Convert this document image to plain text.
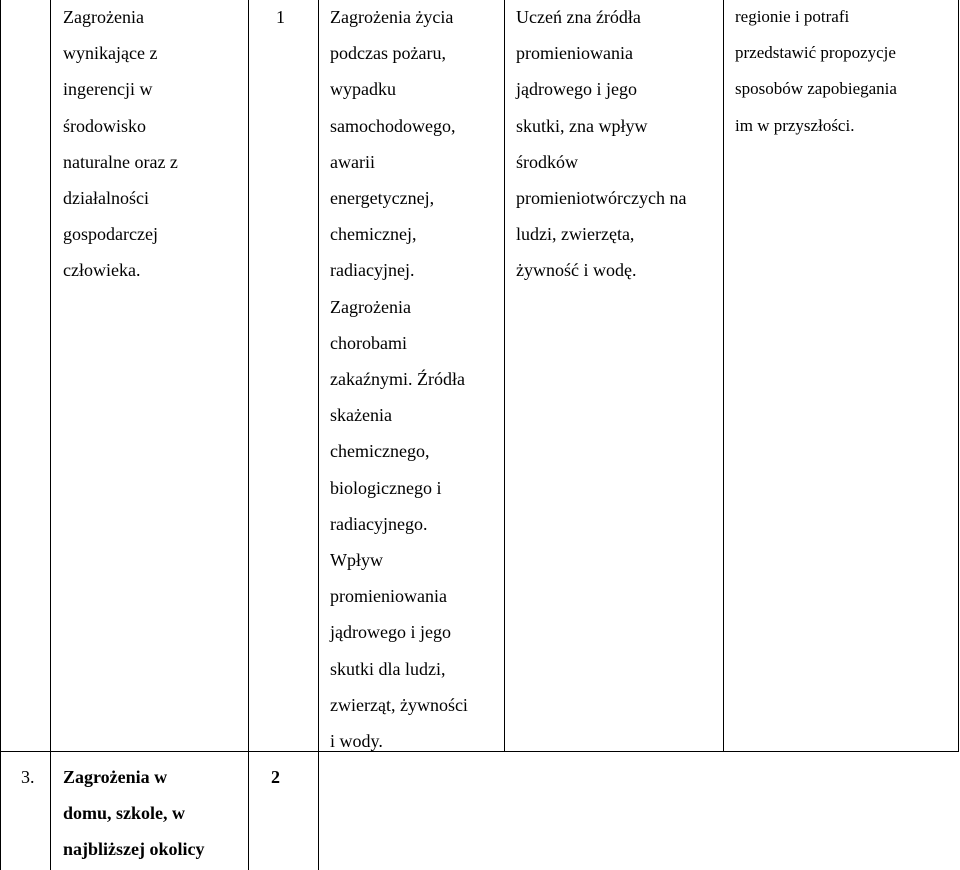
Zagrożenia
wynikające z
ingerencji w
środowisko
naturalne oraz z
działalności
gospodarczej
człowieka.
1	Zagrożenia życia
podczas pożaru,
wypadku
samochodowego,
awarii
energetycznej,
chemicznej,
radiacyjnej.
Zagrożenia
chorobami
zakaźnymi. Źródła
skażenia
chemicznego,
biologicznego i
radiacyjnego.
Wpływ
promieniowania
jądrowego i jego
skutki dla ludzi,
zwierząt, żywności
i wody.
Uczeń zna źródła
promieniowania
jądrowego i jego
skutki, zna wpływ
środków
promieniotwórczych na
ludzi, zwierzęta,
żywność i wodę.
regionie i potrafi
przedstawić propozycje
sposobów zapobiegania
im w przyszłości.
3. Zagrożenia w
domu, szkole, w
najbliższej okolicy
2
